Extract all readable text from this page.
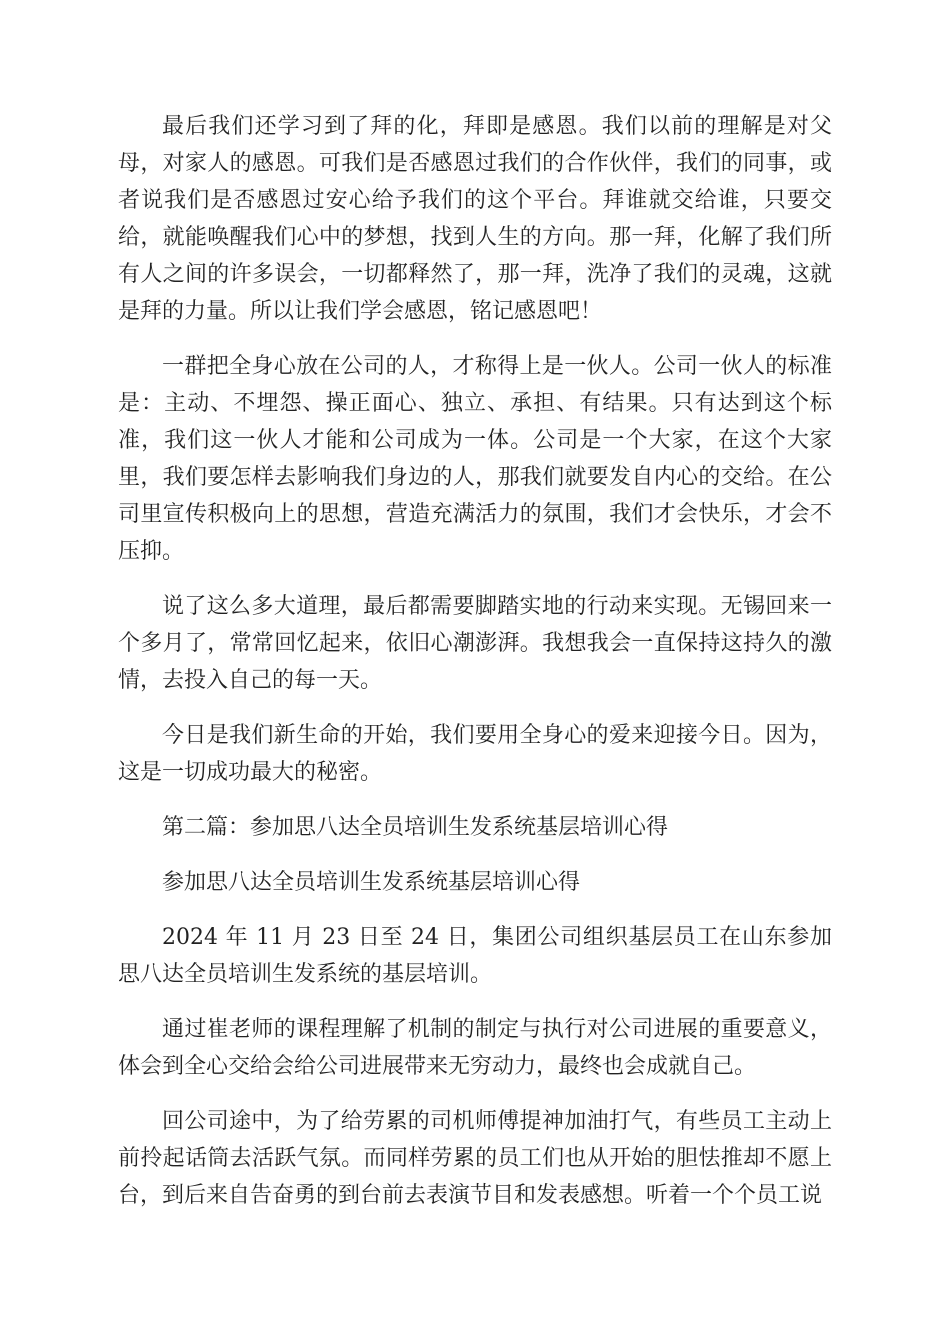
最后我们还学习到了拜的化，拜即是感恩。我们以前的理解是对父母，对家人的感恩。可我们是否感恩过我们的合作伙伴，我们的同事，或者说我们是否感恩过安心给予我们的这个平台。拜谁就交给谁，只要交给，就能唤醒我们心中的梦想，找到人生的方向。那一拜，化解了我们所有人之间的许多误会，一切都释然了，那一拜，洗净了我们的灵魂，这就是拜的力量。所以让我们学会感恩，铭记感恩吧！

一群把全身心放在公司的人，才称得上是一伙人。公司一伙人的标准是：主动、不埋怨、操正面心、独立、承担、有结果。只有达到这个标准，我们这一伙人才能和公司成为一体。公司是一个大家，在这个大家里，我们要怎样去影响我们身边的人，那我们就要发自内心的交给。在公司里宣传积极向上的思想，营造充满活力的氛围，我们才会快乐，才会不压抑。

说了这么多大道理，最后都需要脚踏实地的行动来实现。无锡回来一个多月了，常常回忆起来，依旧心潮澎湃。我想我会一直保持这持久的激情，去投入自己的每一天。

今日是我们新生命的开始，我们要用全身心的爱来迎接今日。因为，这是一切成功最大的秘密。

第二篇：参加思八达全员培训生发系统基层培训心得

参加思八达全员培训生发系统基层培训心得

2024 年 11 月 23 日至 24 日，集团公司组织基层员工在山东参加思八达全员培训生发系统的基层培训。

通过崔老师的课程理解了机制的制定与执行对公司进展的重要意义，体会到全心交给会给公司进展带来无穷动力，最终也会成就自己。

回公司途中，为了给劳累的司机师傅提神加油打气，有些员工主动上前拎起话筒去活跃气氛。而同样劳累的员工们也从开始的胆怯推却不愿上台，到后来自告奋勇的到台前去表演节目和发表感想。听着一个个员工说
